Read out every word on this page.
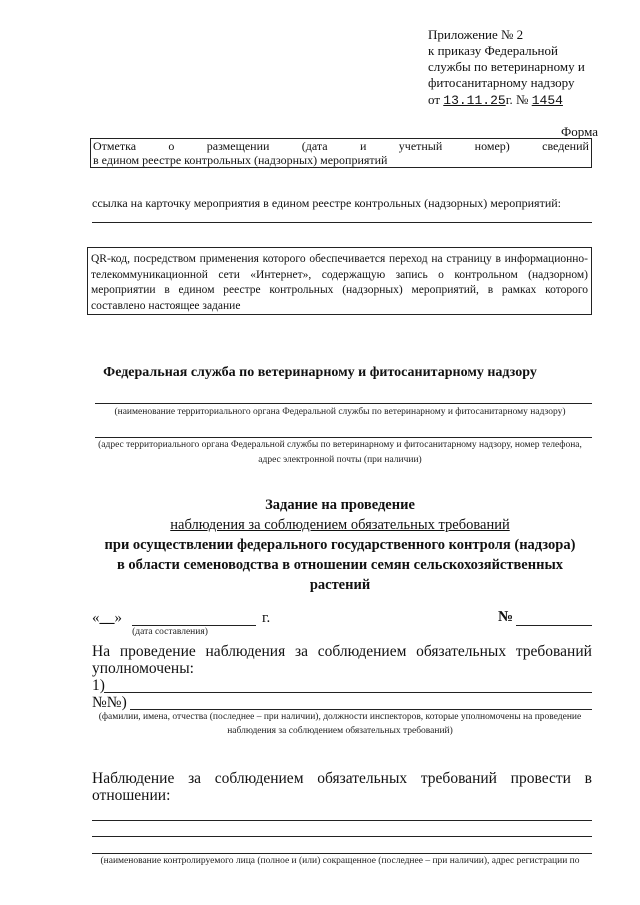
Приложение № 2
к приказу Федеральной
службы по ветеринарному и
фитосанитарному надзору
от 13.11.25г. № 1454
Форма
Отметка	о	размещении	(дата	и	учетный	номер)	сведений
в едином реестре контрольных (надзорных) мероприятий
ссылка на карточку мероприятия в едином реестре контрольных (надзорных) мероприятий:
QR-код, посредством применения которого обеспечивается переход на страницу в информационно-телекоммуникационной сети «Интернет», содержащую запись о контрольном (надзорном) мероприятии в едином реестре контрольных (надзорных) мероприятий, в рамках которого составлено настоящее задание
Федеральная служба по ветеринарному и фитосанитарному надзору
(наименование территориального органа Федеральной службы по ветеринарному и фитосанитарному надзору)
(адрес территориального органа Федеральной службы по ветеринарному и фитосанитарному надзору, номер телефона,
адрес электронной почты (при наличии)
Задание на проведение
наблюдения за соблюдением обязательных требований
при осуществлении федерального государственного контроля (надзора)
в области семеноводства в отношении семян сельскохозяйственных
растений
«__»	г.
(дата составления)
№
На проведение наблюдения за соблюдением обязательных требований
уполномочены:
1)
№№)
(фамилии, имена, отчества (последнее – при наличии), должности инспекторов, которые уполномочены на проведение
наблюдения за соблюдением обязательных требований)
Наблюдение за соблюдением обязательных требований провести в
отношении:
(наименование контролируемого лица (полное и (или) сокращенное (последнее – при наличии), адрес регистрации по
